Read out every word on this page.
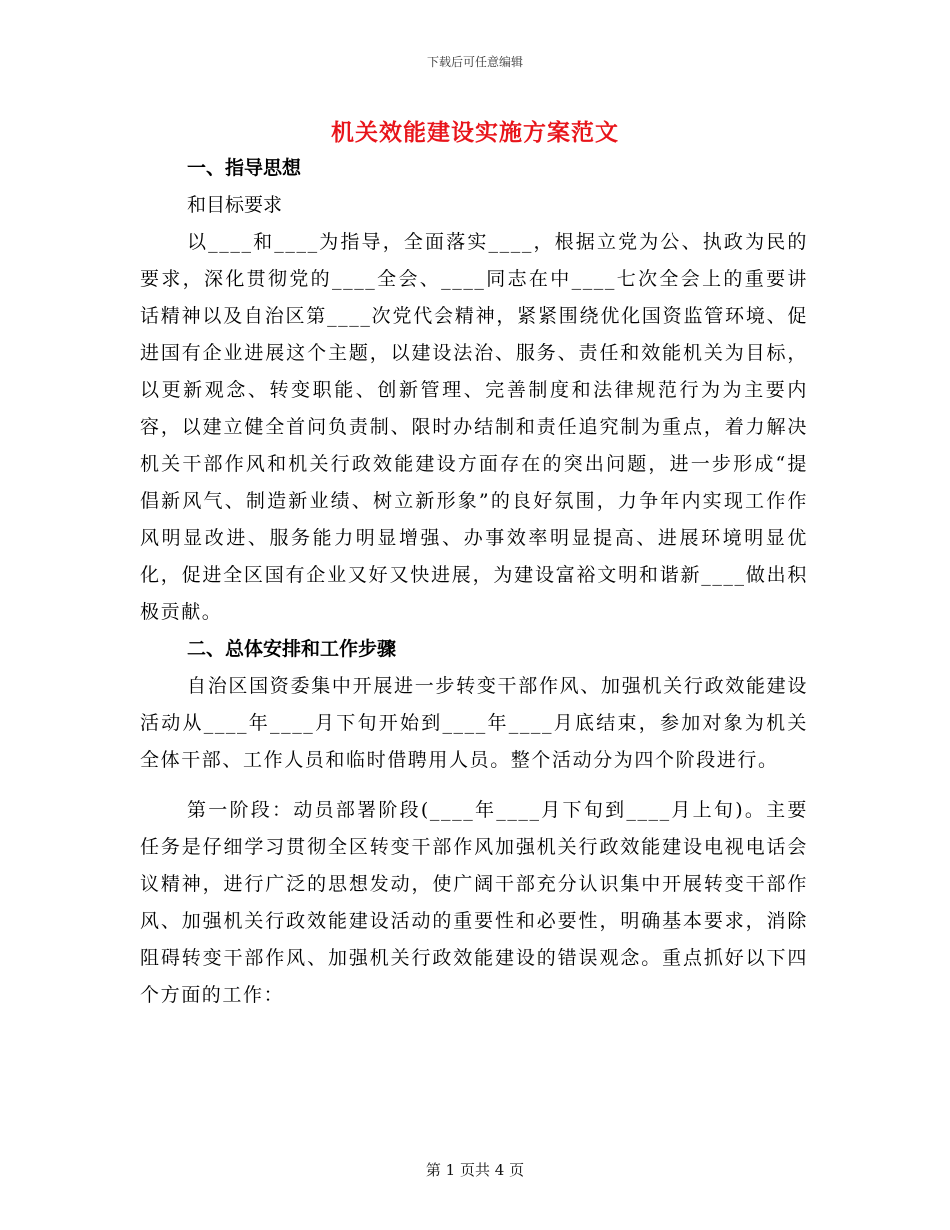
下载后可任意编辑
机关效能建设实施方案范文
一、指导思想
和目标要求

以____和____为指导，全面落实____，根据立党为公、执政为民的要求，深化贯彻党的____全会、____同志在中____七次全会上的重要讲话精神以及自治区第____次党代会精神，紧紧围绕优化国资监管环境、促进国有企业进展这个主题，以建设法治、服务、责任和效能机关为目标，以更新观念、转变职能、创新管理、完善制度和法律规范行为为主要内容，以建立健全首问负责制、限时办结制和责任追究制为重点，着力解决机关干部作风和机关行政效能建设方面存在的突出问题，进一步形成“提倡新风气、制造新业绩、树立新形象”的良好氛围，力争年内实现工作作风明显改进、服务能力明显增强、办事效率明显提高、进展环境明显优化，促进全区国有企业又好又快进展，为建设富裕文明和谐新____做出积极贡献。

二、总体安排和工作步骤

自治区国资委集中开展进一步转变干部作风、加强机关行政效能建设活动从____年____月下旬开始到____年____月底结束，参加对象为机关全体干部、工作人员和临时借聘用人员。整个活动分为四个阶段进行。

第一阶段：动员部署阶段(____年____月下旬到____月上旬)。主要任务是仔细学习贯彻全区转变干部作风加强机关行政效能建设电视电话会议精神，进行广泛的思想发动，使广阔干部充分认识集中开展转变干部作风、加强机关行政效能建设活动的重要性和必要性，明确基本要求，消除阻碍转变干部作风、加强机关行政效能建设的错误观念。重点抓好以下四个方面的工作：

第 1 页共 4 页
